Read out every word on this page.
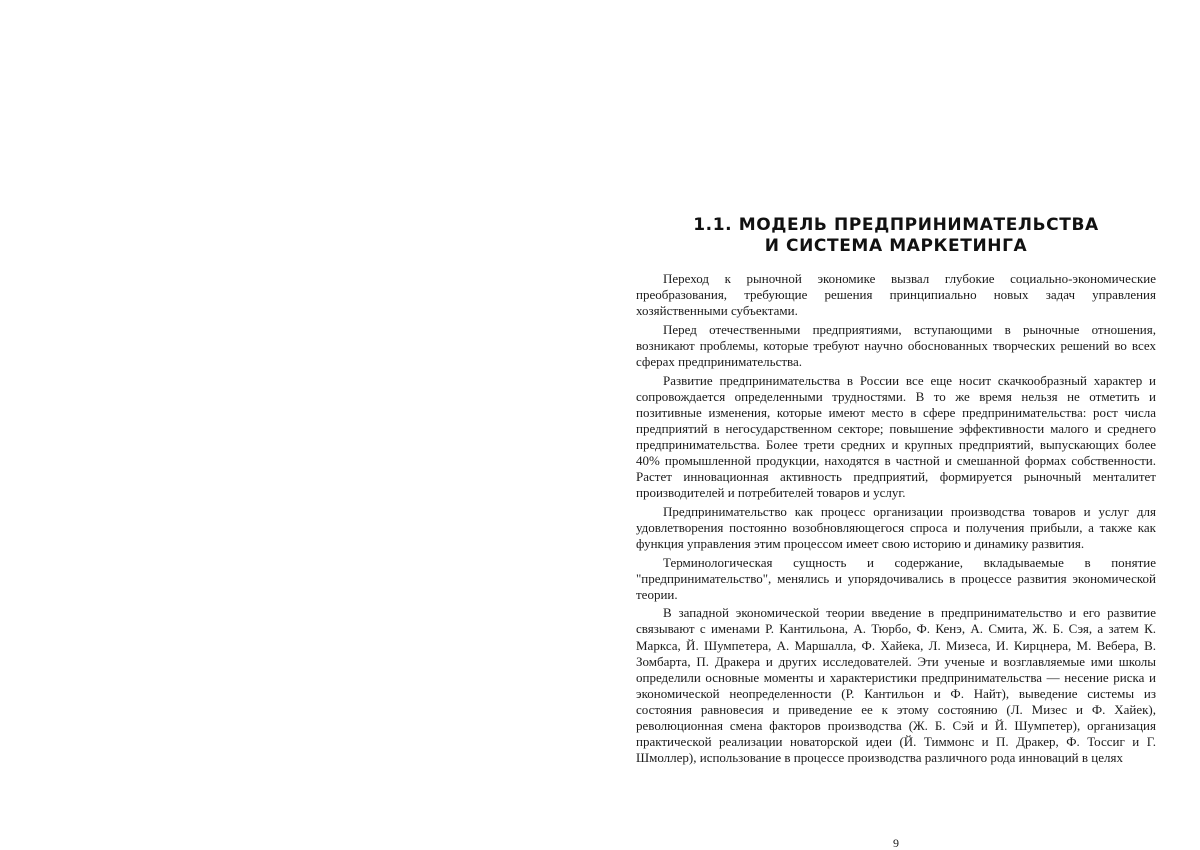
1.1. МОДЕЛЬ ПРЕДПРИНИМАТЕЛЬСТВА
И СИСТЕМА МАРКЕТИНГА

Переход к рыночной экономике вызвал глубокие социально-экономические преобразования, требующие решения принципиально новых задач управления хозяйственными субъектами.

Перед отечественными предприятиями, вступающими в рыночные отношения, возникают проблемы, которые требуют научно обоснованных творческих решений во всех сферах предпринимательства.

Развитие предпринимательства в России все еще носит скачкообразный характер и сопровождается определенными трудностями. В то же время нельзя не отметить и позитивные изменения, которые имеют место в сфере предпринимательства: рост числа предприятий в негосударственном секторе; повышение эффективности малого и среднего предпринимательства. Более трети средних и крупных предприятий, выпускающих более 40% промышленной продукции, находятся в частной и смешанной формах собственности. Растет инновационная активность предприятий, формируется рыночный менталитет производителей и потребителей товаров и услуг.

Предпринимательство как процесс организации производства товаров и услуг для удовлетворения постоянно возобновляющегося спроса и получения прибыли, а также как функция управления этим процессом имеет свою историю и динамику развития.

Терминологическая сущность и содержание, вкладываемые в понятие "предпринимательство", менялись и упорядочивались в процессе развития экономической теории.

В западной экономической теории введение в предпринимательство и его развитие связывают с именами Р. Кантильона, А. Тюрбо, Ф. Кенэ, А. Смита, Ж. Б. Сэя, а затем К. Маркса, Й. Шумпетера, А. Маршалла, Ф. Хайека, Л. Мизеса, И. Кирцнера, М. Вебера, В. Зомбарта, П. Дракера и других исследователей. Эти ученые и возглавляемые ими школы определили основные моменты и характеристики предпринимательства — несение риска и экономической неопределенности (Р. Кантильон и Ф. Найт), выведение системы из состояния равновесия и приведение ее к этому состоянию (Л. Мизес и Ф. Хайек), революционная смена факторов производства (Ж. Б. Сэй и Й. Шумпетер), организация практической реализации новаторской идеи (Й. Тиммонс и П. Дракер, Ф. Тоссиг и Г. Шмоллер), использование в процессе производства различного рода инноваций в целях

9
